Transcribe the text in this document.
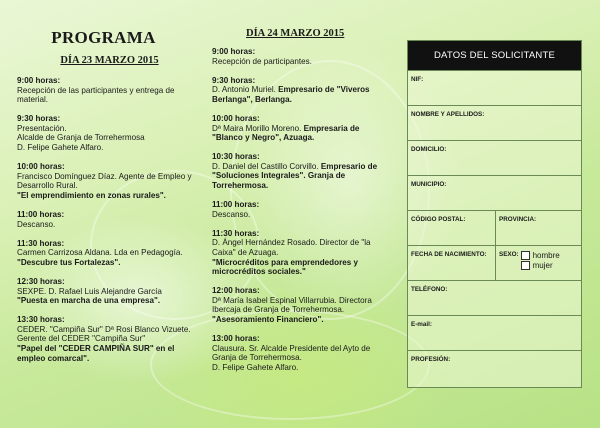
PROGRAMA
DÍA 23 MARZO 2015
9:00 horas:
Recepción de las participantes y entrega de material.
9:30 horas:
Presentación.
Alcalde de Granja de Torrehermosa
D. Felipe Gahete Alfaro.
10:00 horas:
Francisco Domínguez Díaz. Agente de Empleo y Desarrollo Rural.
"El emprendimiento en zonas rurales".
11:00 horas:
Descanso.
11:30 horas:
Carmen Carrizosa Aldana. Lda en Pedagogía.
"Descubre tus Fortalezas".
12:30 horas:
SEXPE. D. Rafael Luis Alejandre García
"Puesta en marcha de una empresa".
13:30 horas:
CEDER. "Campiña Sur" Dª Rosi Blanco Vizuete. Gerente del CEDER "Campiña Sur"
"Papel del "CEDER CAMPIÑA SUR" en el empleo comarcal".
DÍA 24 MARZO 2015
9:00 horas:
Recepción de participantes.
9:30 horas:
D. Antonio Muriel. Empresario de "Viveros Berlanga", Berlanga.
10:00 horas:
Dª Maira Morillo Moreno. Empresaria de "Blanco y Negro", Azuaga.
10:30 horas:
D. Daniel del Castillo Corvillo. Empresario de "Soluciones Integrales". Granja de Torrehermosa.
11:00 horas:
Descanso.
11:30 horas:
D. Ángel Hernández Rosado. Director de "la Caixa" de Azuaga.
"Microcréditos para emprendedores y microcréditos sociales."
12:00 horas:
Dª María Isabel Espinal Villarrubia. Directora Ibercaja de Granja de Torrehermosa.
"Asesoramiento Financiero".
13:00 horas:
Clausura. Sr. Alcalde Presidente del Ayto de Granja de Torrehermosa.
D. Felipe Gahete Alfaro.
DATOS DEL SOLICITANTE
NIF:
NOMBRE Y APELLIDOS:
DOMICILIO:
MUNICIPIO:
CÓDIGO POSTAL:	PROVINCIA:
FECHA DE NACIMIENTO:	SEXO: hombre
mujer
TELÉFONO:
E-mail:
PROFESIÓN:
